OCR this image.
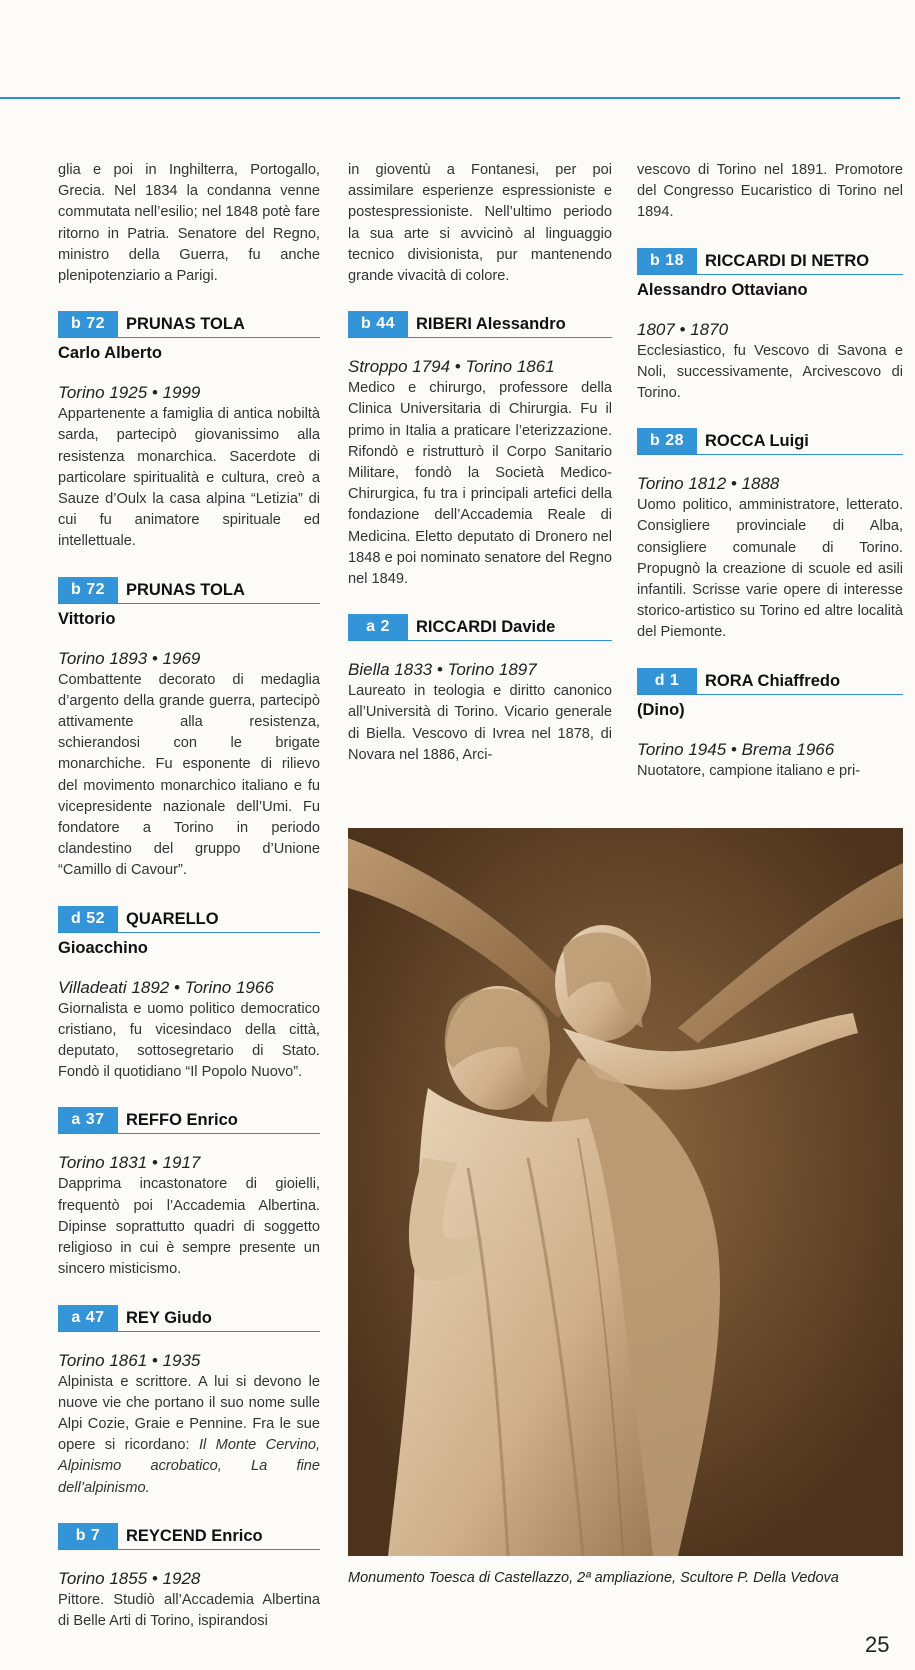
glia e poi in Inghilterra, Portogallo, Grecia. Nel 1834 la condanna venne commutata nell’esilio; nel 1848 potè fare ritorno in Patria. Senatore del Regno, ministro della Guerra, fu anche plenipotenziario a Parigi.

b 72	PRUNAS TOLA
Carlo Alberto

Torino 1925 • 1999

Appartenente a famiglia di antica nobiltà sarda, partecipò giovanissimo alla resistenza monarchica. Sacerdote di particolare spiritualità e cultura, creò a Sauze d’Oulx la casa alpina “Letizia” di cui fu animatore spirituale ed intellettuale.

b 72	PRUNAS TOLA
Vittorio

Torino 1893 • 1969

Combattente decorato di medaglia d’argento della grande guerra, partecipò attivamente alla resistenza, schierandosi con le brigate monarchiche. Fu esponente di rilievo del movimento monarchico italiano e fu vicepresidente nazionale dell’Umi. Fu fondatore a Torino in periodo clandestino del gruppo d’Unione “Camillo di Cavour”.

d 52	QUARELLO
Gioacchino

Villadeati 1892 • Torino 1966

Giornalista e uomo politico democratico cristiano, fu vicesindaco della città, deputato, sottosegretario di Stato. Fondò il quotidiano “Il Popolo Nuovo”.

a 37	REFFO Enrico

Torino 1831 • 1917

Dapprima incastonatore di gioielli, frequentò poi l’Accademia Albertina. Dipinse soprattutto quadri di soggetto religioso in cui è sempre presente un sincero misticismo.

a 47	REY Giudo

Torino 1861 • 1935

Alpinista e scrittore. A lui si devono le nuove vie che portano il suo nome sulle Alpi Cozie, Graie e Pennine. Fra le sue opere si ricordano: Il Monte Cervino, Alpinismo acrobatico, La fine dell’alpinismo.

b 7	REYCEND Enrico

Torino 1855 • 1928

Pittore. Studiò all’Accademia Albertina di Belle Arti di Torino, ispirandosi

in gioventù a Fontanesi, per poi assimilare esperienze espressioniste e postespressioniste. Nell’ultimo periodo la sua arte si avvicinò al linguaggio tecnico divisionista, pur mantenendo grande vivacità di colore.

b 44	RIBERI Alessandro

Stroppo 1794 • Torino 1861

Medico e chirurgo, professore della Clinica Universitaria di Chirurgia. Fu il primo in Italia a praticare l’eterizzazione. Rifondò e ristrutturò il Corpo Sanitario Militare, fondò la Società Medico-Chirurgica, fu tra i principali artefici della fondazione dell’Accademia Reale di Medicina. Eletto deputato di Dronero nel 1848 e poi nominato senatore del Regno nel 1849.

a 2	RICCARDI Davide

Biella 1833 • Torino 1897

Laureato in teologia e diritto canonico all’Università di Torino. Vicario generale di Biella. Vescovo di Ivrea nel 1878, di Novara nel 1886, Arci-

vescovo di Torino nel 1891. Promotore del Congresso Eucaristico di Torino nel 1894.

b 18	RICCARDI DI NETRO
Alessandro Ottaviano

1807 • 1870

Ecclesiastico, fu Vescovo di Savona e Noli, successivamente, Arcivescovo di Torino.

b 28	ROCCA Luigi

Torino 1812 • 1888

Uomo politico, amministratore, letterato. Consigliere provinciale di Alba, consigliere comunale di Torino. Propugnò la creazione di scuole ed asili infantili. Scrisse varie opere di interesse storico-artistico su Torino ed altre località del Piemonte.

d 1	RORA Chiaffredo
(Dino)

Torino 1945 • Brema 1966

Nuotatore, campione italiano e pri-

Monumento Toesca di Castellazzo, 2ª ampliazione, Scultore P. Della Vedova
25
